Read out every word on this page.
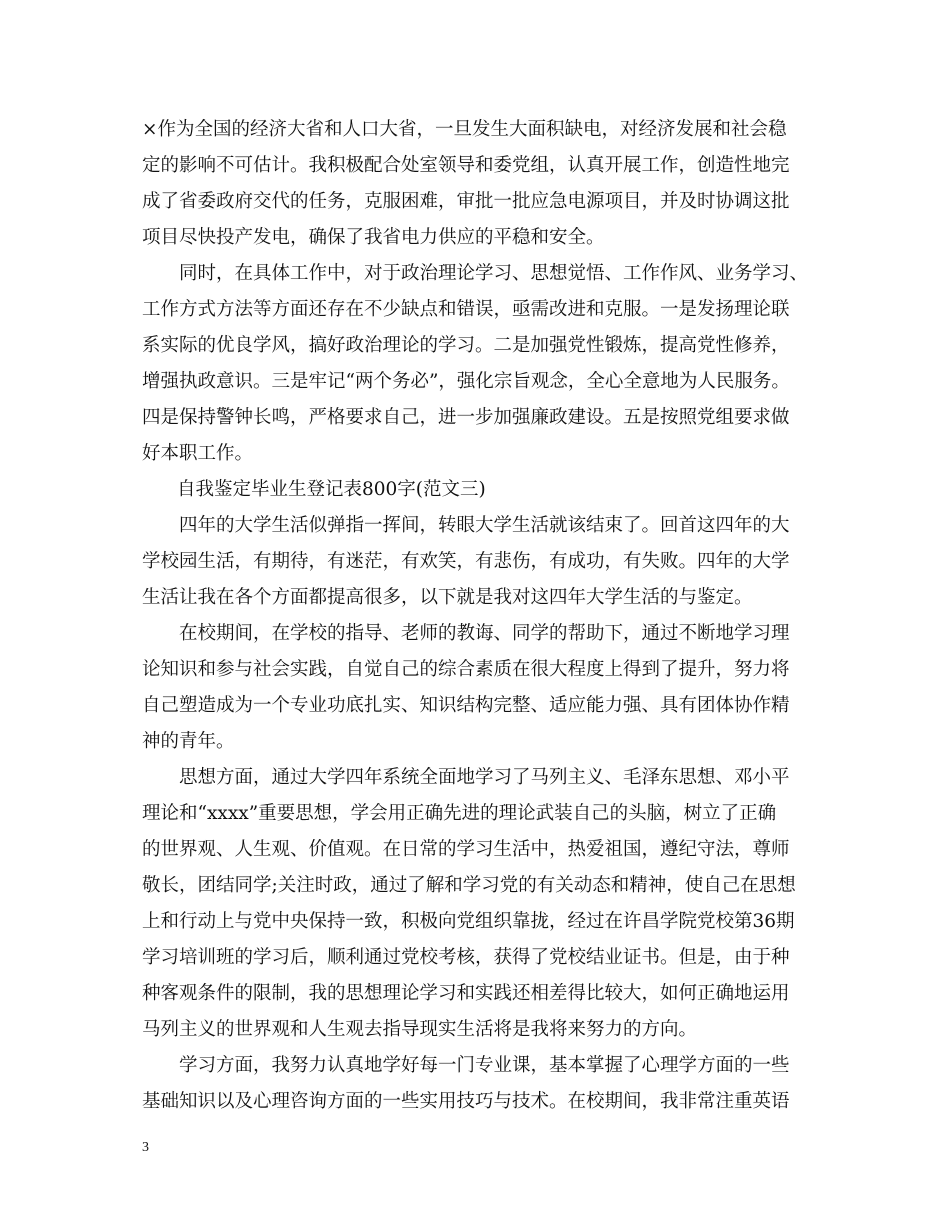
×作为全国的经济大省和人口大省，一旦发生大面积缺电，对经济发展和社会稳
定的影响不可估计。我积极配合处室领导和委党组，认真开展工作，创造性地完
成了省委政府交代的任务，克服困难，审批一批应急电源项目，并及时协调这批
项目尽快投产发电，确保了我省电力供应的平稳和安全。
同时，在具体工作中，对于政治理论学习、思想觉悟、工作作风、业务学习、
工作方式方法等方面还存在不少缺点和错误，亟需改进和克服。一是发扬理论联
系实际的优良学风，搞好政治理论的学习。二是加强党性锻炼，提高党性修养，
增强执政意识。三是牢记“两个务必”，强化宗旨观念，全心全意地为人民服务。
四是保持警钟长鸣，严格要求自己，进一步加强廉政建设。五是按照党组要求做
好本职工作。
自我鉴定毕业生登记表800字(范文三)
四年的大学生活似弹指一挥间，转眼大学生活就该结束了。回首这四年的大
学校园生活，有期待，有迷茫，有欢笑，有悲伤，有成功，有失败。四年的大学
生活让我在各个方面都提高很多，以下就是我对这四年大学生活的与鉴定。
在校期间，在学校的指导、老师的教诲、同学的帮助下，通过不断地学习理
论知识和参与社会实践，自觉自己的综合素质在很大程度上得到了提升，努力将
自己塑造成为一个专业功底扎实、知识结构完整、适应能力强、具有团体协作精
神的青年。
思想方面，通过大学四年系统全面地学习了马列主义、毛泽东思想、邓小平
理论和“xxxx”重要思想，学会用正确先进的理论武装自己的头脑，树立了正确
的世界观、人生观、价值观。在日常的学习生活中，热爱祖国，遵纪守法，尊师
敬长，团结同学;关注时政，通过了解和学习党的有关动态和精神，使自己在思想
上和行动上与党中央保持一致，积极向党组织靠拢，经过在许昌学院党校第36期
学习培训班的学习后，顺利通过党校考核，获得了党校结业证书。但是，由于种
种客观条件的限制，我的思想理论学习和实践还相差得比较大，如何正确地运用
马列主义的世界观和人生观去指导现实生活将是我将来努力的方向。
学习方面，我努力认真地学好每一门专业课，基本掌握了心理学方面的一些
基础知识以及心理咨询方面的一些实用技巧与技术。在校期间，我非常注重英语
3
